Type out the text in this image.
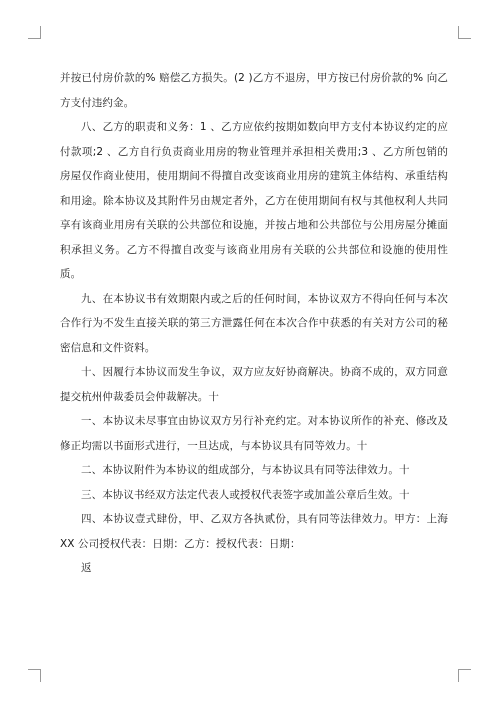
并按已付房价款的% 赔偿乙方损失。(2 )乙方不退房，甲方按已付房价款的% 向乙方支付违约金。

八、乙方的职责和义务：1 、乙方应依约按期如数向甲方支付本协议约定的应付款项;2 、乙方自行负责商业用房的物业管理并承担相关费用;3 、乙方所包销的房屋仅作商业使用，使用期间不得擅自改变该商业用房的建筑主体结构、承重结构和用途。除本协议及其附件另由规定者外，乙方在使用期间有权与其他权利人共同享有该商业用房有关联的公共部位和设施，并按占地和公共部位与公用房屋分摊面积承担义务。乙方不得擅自改变与该商业用房有关联的公共部位和设施的使用性质。

九、在本协议书有效期限内或之后的任何时间，本协议双方不得向任何与本次合作行为不发生直接关联的第三方泄露任何在本次合作中获悉的有关对方公司的秘密信息和文件资料。

十、因履行本协议而发生争议，双方应友好协商解决。协商不成的，双方同意提交杭州仲裁委员会仲裁解决。十

一、本协议未尽事宜由协议双方另行补充约定。对本协议所作的补充、修改及修正均需以书面形式进行，一旦达成，与本协议具有同等效力。十

二、本协议附件为本协议的组成部分，与本协议具有同等法律效力。十

三、本协议书经双方法定代表人或授权代表签字或加盖公章后生效。十

四、本协议壹式肆份，甲、乙双方各执贰份，具有同等法律效力。甲方：上海XX 公司授权代表：日期：乙方：授权代表：日期：

返
